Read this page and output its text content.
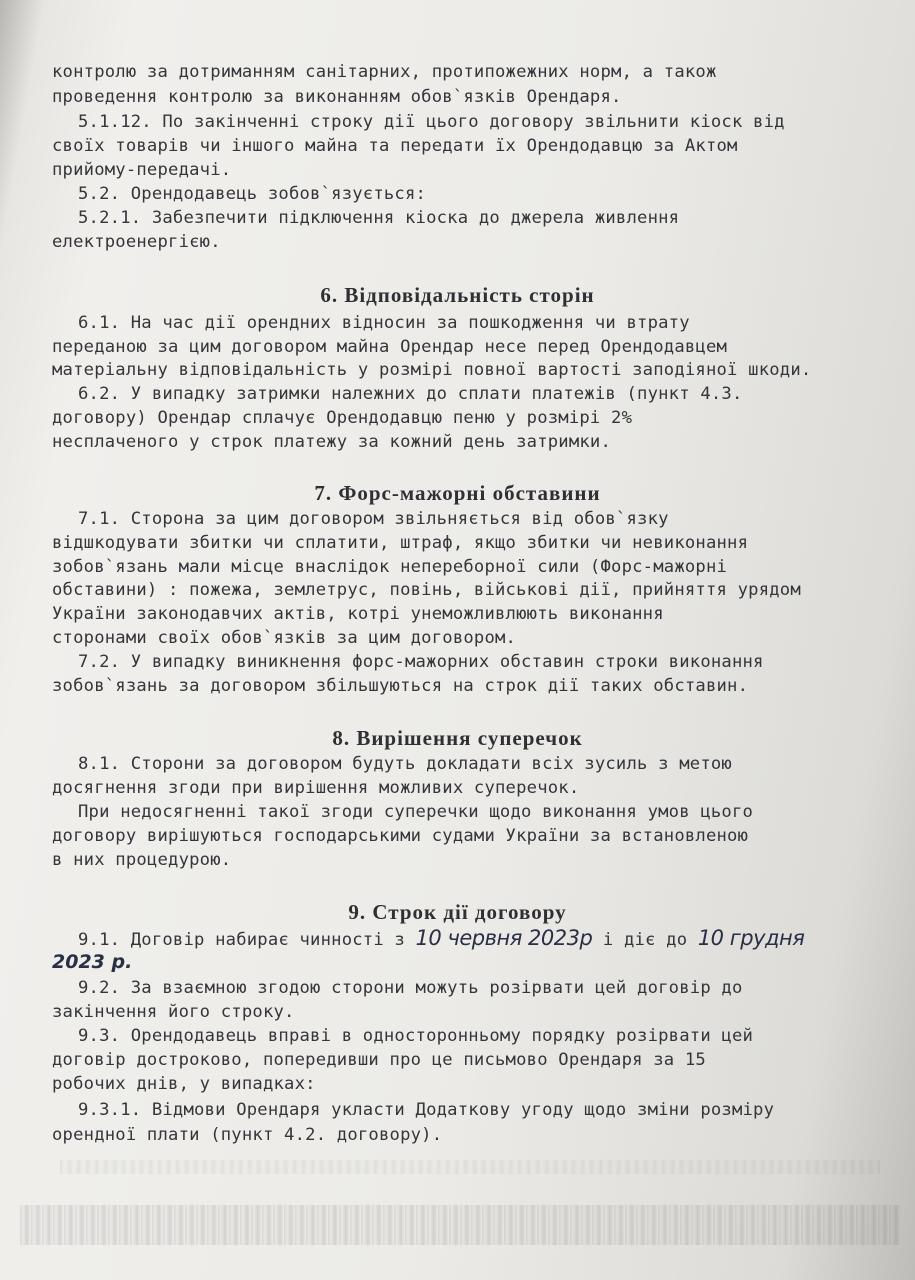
контролю за дотриманням санітарних, протипожежних норм, а також
проведення контролю за виконанням обов`язків Орендаря.
5.1.12. По закінченні строку дії цього договору звільнити кіоск від
своїх товарів чи іншого майна та передати їх Орендодавцю за Актом
прийому-передачі.
5.2. Орендодавець зобов`язується:
5.2.1. Забезпечити підключення кіоска до джерела живлення
електроенергією.
6. Відповідальність сторін
6.1. На час дії орендних відносин за пошкодження чи втрату
переданою за цим договором майна Орендар несе перед Орендодавцем
матеріальну відповідальність у розмірі повної вартості заподіяної шкоди.
6.2. У випадку затримки належних до сплати платежів (пункт 4.3.
договору) Орендар сплачує Орендодавцю пеню у розмірі 2%
несплаченого у строк платежу за кожний день затримки.
7. Форс-мажорні обставини
7.1. Сторона за цим договором звільняється від обов`язку
відшкодувати збитки чи сплатити, штраф, якщо збитки чи невиконання
зобов`язань мали місце внаслідок непереборної сили (Форс-мажорні
обставини) : пожежа, землетрус, повінь, військові дії, прийняття урядом
України законодавчих актів, котрі унеможливлюють виконання
сторонами своїх обов`язків за цим договором.
7.2. У випадку виникнення форс-мажорних обставин строки виконання
зобов`язань за договором збільшуються на строк дії таких обставин.
8. Вирішення суперечок
8.1. Сторони за договором будуть докладати всіх зусиль з метою
досягнення згоди при вирішення можливих суперечок.
При недосягненні такої згоди суперечки щодо виконання умов цього
договору вирішуються господарськими судами України за встановленою
в них процедурою.
9. Строк дії договору
9.1. Договір набирає чинності з 10 червня 2023р і діє до 10 грудня
2023 р.
9.2. За взаємною згодою сторони можуть розірвати цей договір до
закінчення його строку.
9.3. Орендодавець вправі в односторонньому порядку розірвати цей
договір достроково, попередивши про це письмово Орендаря за 15
робочих днів, у випадках:
9.3.1. Відмови Орендаря укласти Додаткову угоду щодо зміни розміру
орендної плати (пункт 4.2. договору).
